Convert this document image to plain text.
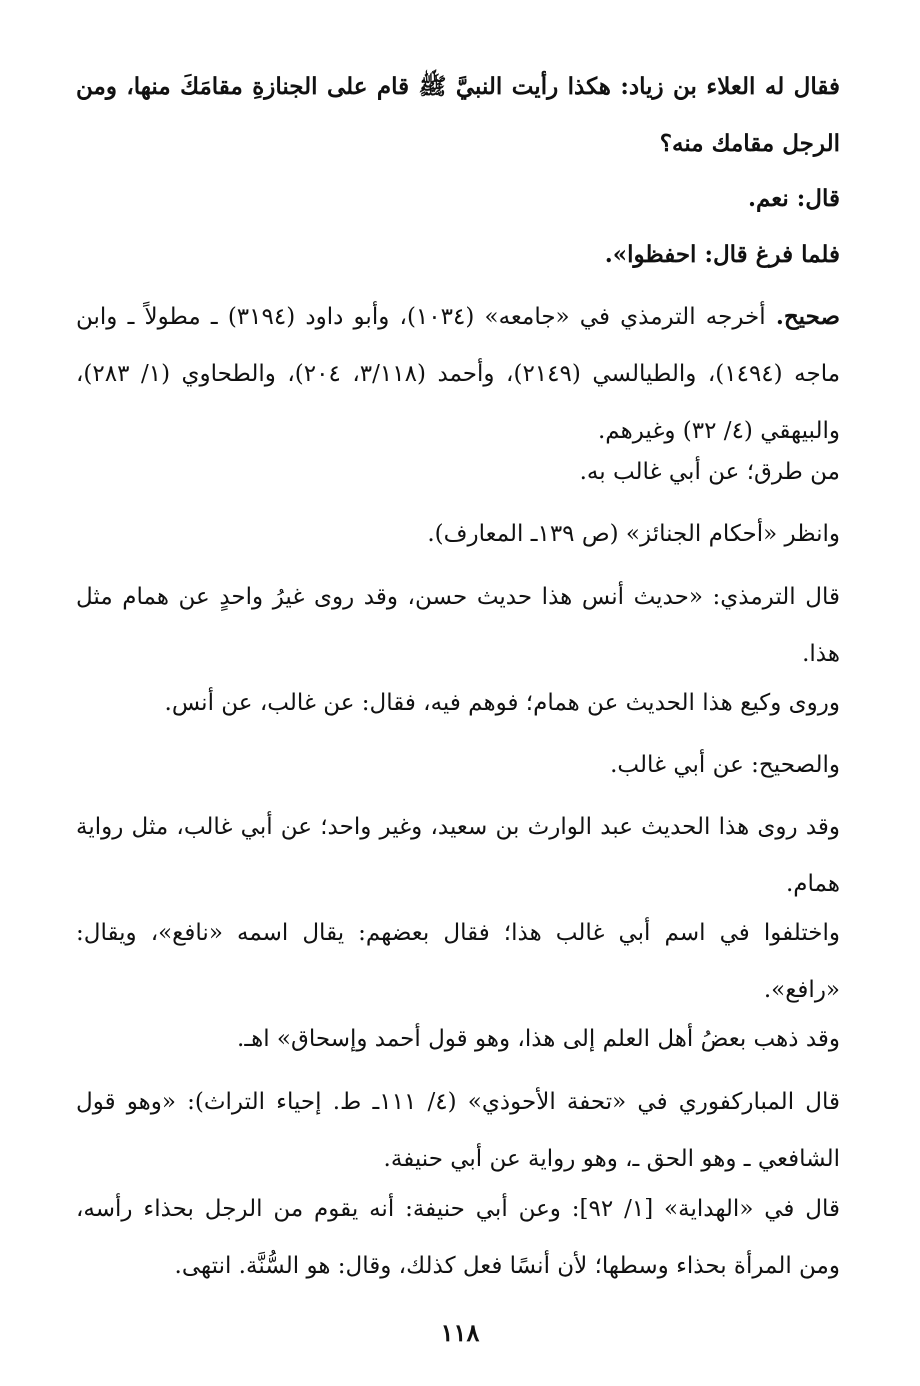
فقال له العلاء بن زياد: هكذا رأيت النبيَّ ﷺ قام على الجنازةِ مقامَكَ منها، ومن الرجل مقامك منه؟

قال: نعم.

فلما فرغ قال: احفظوا».

صحيح. أخرجه الترمذي في «جامعه» (١٠٣٤)، وأبو داود (٣١٩٤) ـ مطولاً ـ وابن ماجه (١٤٩٤)، والطيالسي (٢١٤٩)، وأحمد (٣/١١٨، ٢٠٤)، والطحاوي (١/ ٢٨٣)، والبيهقي (٤/ ٣٢) وغيرهم.

من طرق؛ عن أبي غالب به.

وانظر «أحكام الجنائز» (ص ١٣٩ـ المعارف).

قال الترمذي: «حديث أنس هذا حديث حسن، وقد روى غيرُ واحدٍ عن همام مثل هذا.

وروى وكيع هذا الحديث عن همام؛ فوهم فيه، فقال: عن غالب، عن أنس.

والصحيح: عن أبي غالب.

وقد روى هذا الحديث عبد الوارث بن سعيد، وغير واحد؛ عن أبي غالب، مثل رواية همام.

واختلفوا في اسم أبي غالب هذا؛ فقال بعضهم: يقال اسمه «نافع»، ويقال: «رافع».

وقد ذهب بعضُ أهل العلم إلى هذا، وهو قول أحمد وإسحاق» اهـ.

قال المباركفوري في «تحفة الأحوذي» (٤/ ١١١ـ ط. إحياء التراث): «وهو قول الشافعي ـ وهو الحق ـ، وهو رواية عن أبي حنيفة.

قال في «الهداية» [١/ ٩٢]: وعن أبي حنيفة: أنه يقوم من الرجل بحذاء رأسه، ومن المرأة بحذاء وسطها؛ لأن أنسًا فعل كذلك، وقال: هو السُّنَّة. انتهى.

١١٨
